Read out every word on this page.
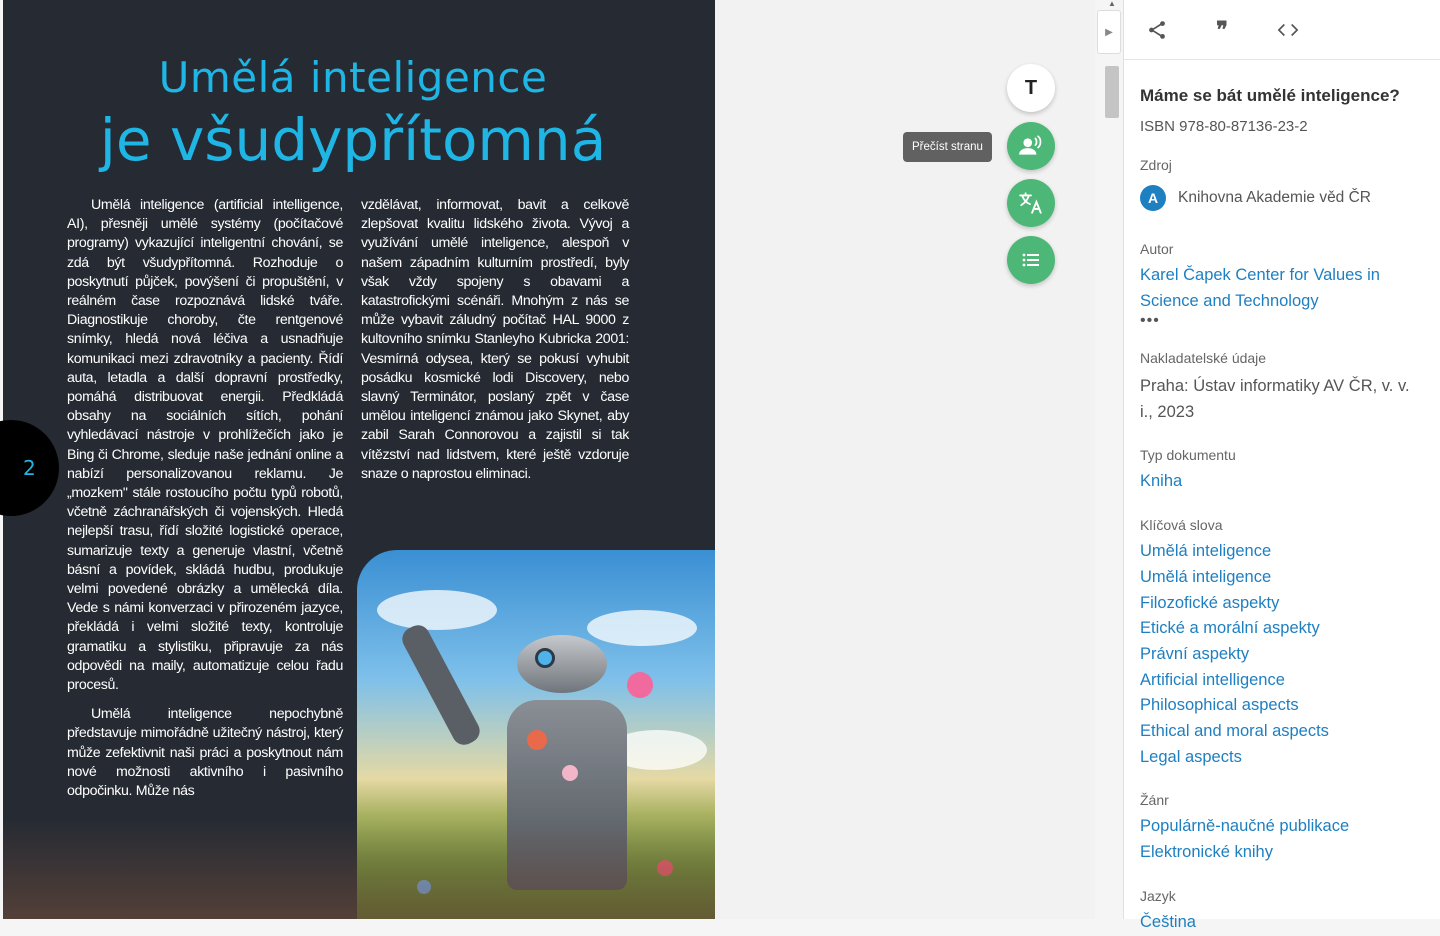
Umělá inteligence
je všudypřítomná

Umělá inteligence (artificial intelligence, AI), přesněji umělé systémy (počítačové programy) vykazující inteligentní chování, se zdá být všudypřítomná. Rozhoduje o poskytnutí půjček, povýšení či propuštění, v reálném čase rozpoznává lidské tváře. Diagnostikuje choroby, čte rentgenové snímky, hledá nová léčiva a usnadňuje komunikaci mezi zdravotníky a pacienty. Řídí auta, letadla a další dopravní prostředky, pomáhá distribuovat energii. Předkládá obsahy na sociálních sítích, pohání vyhledávací nástroje v prohlížečích jako je Bing či Chrome, sleduje naše jednání online a nabízí personalizovanou reklamu. Je „mozkem" stále rostoucího počtu typů robotů, včetně záchranářských či vojenských. Hledá nejlepší trasu, řídí složité logistické operace, sumarizuje texty a generuje vlastní, včetně básní a povídek, skládá hudbu, produkuje velmi povedené obrázky a umělecká díla. Vede s námi konverzaci v přirozeném jazyce, překládá i velmi složité texty, kontroluje gramatiku a stylistiku, připravuje za nás odpovědi na maily, automatizuje celou řadu procesů.

Umělá inteligence nepochybně představuje mimořádně užitečný nástroj, který může zefektivnit naši práci a poskytnout nám nové možnosti aktivního i pasivního odpočinku. Může nás

vzdělávat, informovat, bavit a celkově zlepšovat kvalitu lidského života. Vývoj a využívání umělé inteligence, alespoň v našem západním kulturním prostředí, byly však vždy spojeny s obavami a katastrofickými scénáři. Mnohým z nás se může vybavit záludný počítač HAL 9000 z kultovního snímku Stanleyho Kubricka 2001: Vesmírná odysea, který se pokusí vyhubit posádku kosmické lodi Discovery, nebo slavný Terminátor, poslaný zpět v čase umělou inteligencí známou jako Skynet, aby zabil Sarah Connorovou a zajistil si tak vítězství nad lidstvem, které ještě vzdoruje snaze o naprostou eliminaci.

2
T
Přečíst stranu
▲
▶	❞
Máme se bát umělé inteligence?
ISBN 978-80-87136-23-2
Zdroj
A	Knihovna Akademie věd ČR
Autor
Karel Čapek Center for Values in Science and Technology
•••
Nakladatelské údaje
Praha: Ústav informatiky AV ČR, v. v. i., 2023
Typ dokumentu
Kniha
Klíčová slova
Umělá inteligence
Umělá inteligence
Filozofické aspekty
Etické a morální aspekty
Právní aspekty
Artificial intelligence
Philosophical aspects
Ethical and moral aspects
Legal aspects
Žánr
Populárně-naučné publikace
Elektronické knihy
Jazyk
Čeština
